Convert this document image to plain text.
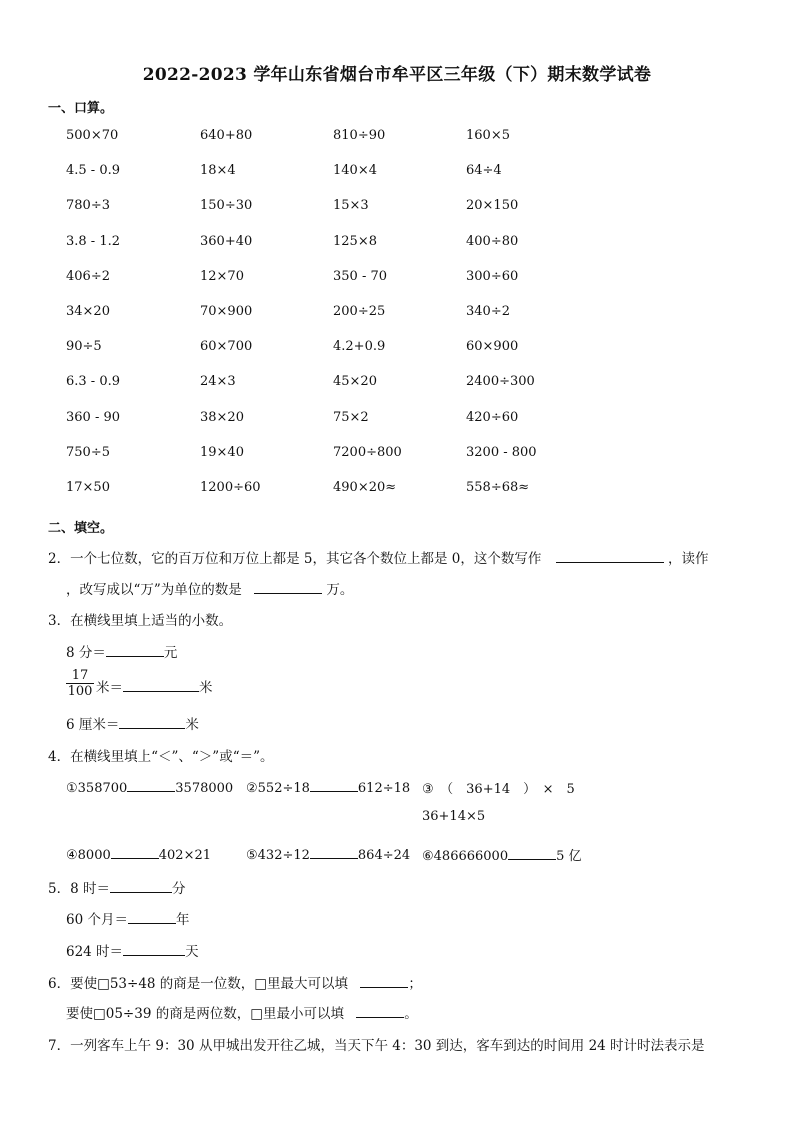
2022-2023 学年山东省烟台市牟平区三年级（下）期末数学试卷
一、口算。
500×70	640+80	810÷90	160×5
4.5 - 0.9	18×4	140×4	64÷4
780÷3	150÷30	15×3	20×150
3.8 - 1.2	360+40	125×8	400÷80
406÷2	12×70	350 - 70	300÷60
34×20	70×900	200÷25	340÷2
90÷5	60×700	4.2+0.9	60×900
6.3 - 0.9	24×3	45×20	2400÷300
360 - 90	38×20	75×2	420÷60
750÷5	19×40	7200÷800	3200 - 800
17×50	1200÷60	490×20≈	558÷68≈
二、填空。
2．一个七位数，它的百万位和万位上都是 5，其它各个数位上都是 0，这个数写作	，读作
，改写成以“万”为单位的数是	万。
3．在横线里填上适当的小数。
8 分＝	元
$\frac{17}{100}$ 米＝	米
6 厘米＝	米
4．在横线里填上“＜”、“＞”或“＝”。
①358700	3578000 ②552÷18	612÷18 ③　（　36+14　）　×　5
36+14×5
④8000	402×21	⑤432÷12	864÷24 ⑥486666000	5 亿
5．8 时＝	分
60 个月＝	年
624 时＝	天
6．要使□53÷48 的商是一位数，□里最大可以填	；
要使□05÷39 的商是两位数，□里最小可以填	。
7．一列客车上午 9：30 从甲城出发开往乙城，当天下午 4：30 到达，客车到达的时间用 24 时计时法表示是
